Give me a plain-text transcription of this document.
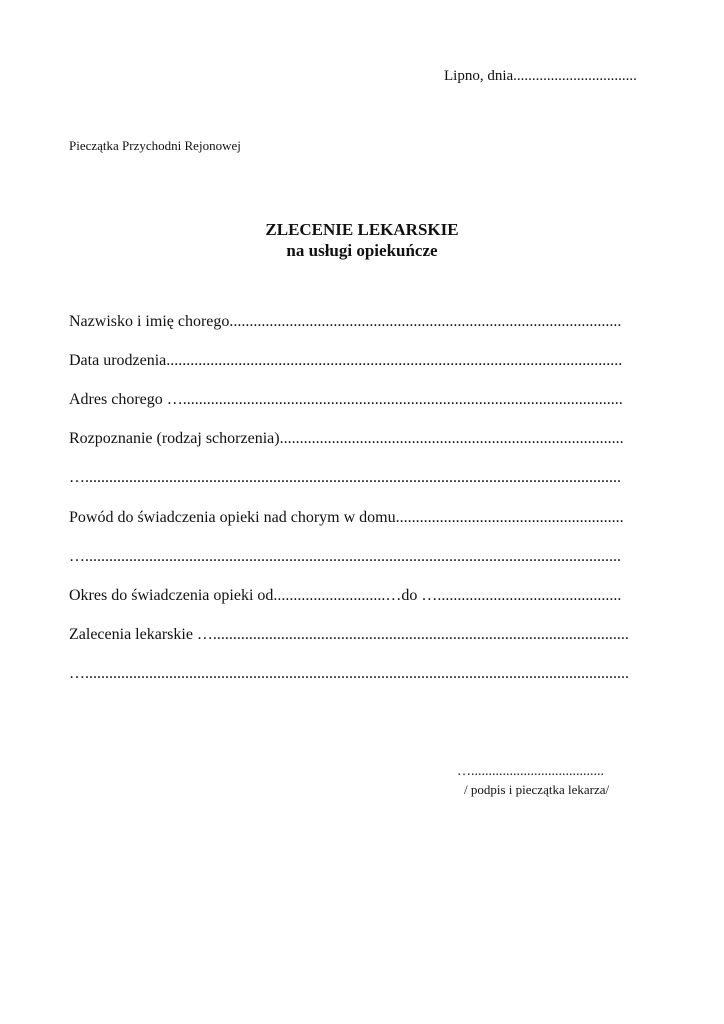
Lipno, dnia.................................
Pieczątka Przychodni Rejonowej
ZLECENIE LEKARSKIE
na usługi opiekuńcze
Nazwisko i imię chorego..................................................................................................
Data urodzenia..................................................................................................................
Adres chorego …..............................................................................................................
Rozpoznanie (rodzaj schorzenia)......................................................................................
…......................................................................................................................................
Powód do świadczenia opieki nad chorym w domu.........................................................
…......................................................................................................................................
Okres do świadczenia opieki od............................…do …..............................................
Zalecenia lekarskie …........................................................................................................
…........................................................................................................................................
…......................................
/ podpis i pieczątka lekarza/
